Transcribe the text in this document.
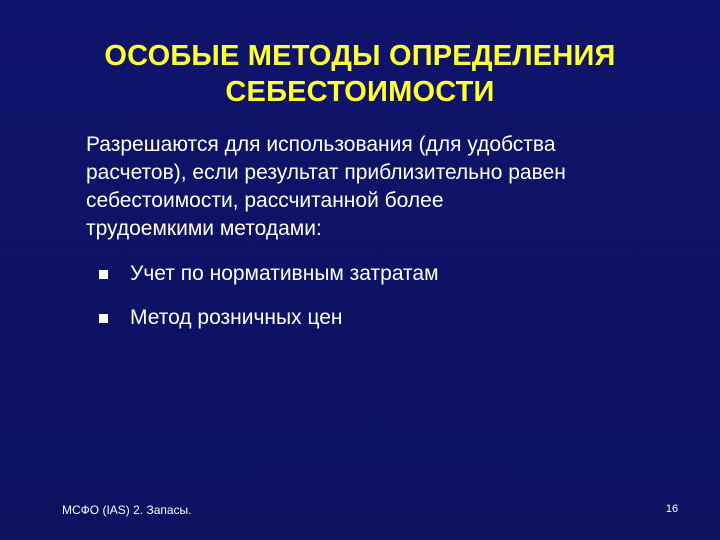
ОСОБЫЕ МЕТОДЫ ОПРЕДЕЛЕНИЯ
СЕБЕСТОИМОСТИ
Разрешаются для использования (для удобства
расчетов), если результат приблизительно равен
себестоимости, рассчитанной более
трудоемкими методами:
Учет по нормативным затратам
Метод розничных цен
МСФО (IAS) 2. Запасы.	16
